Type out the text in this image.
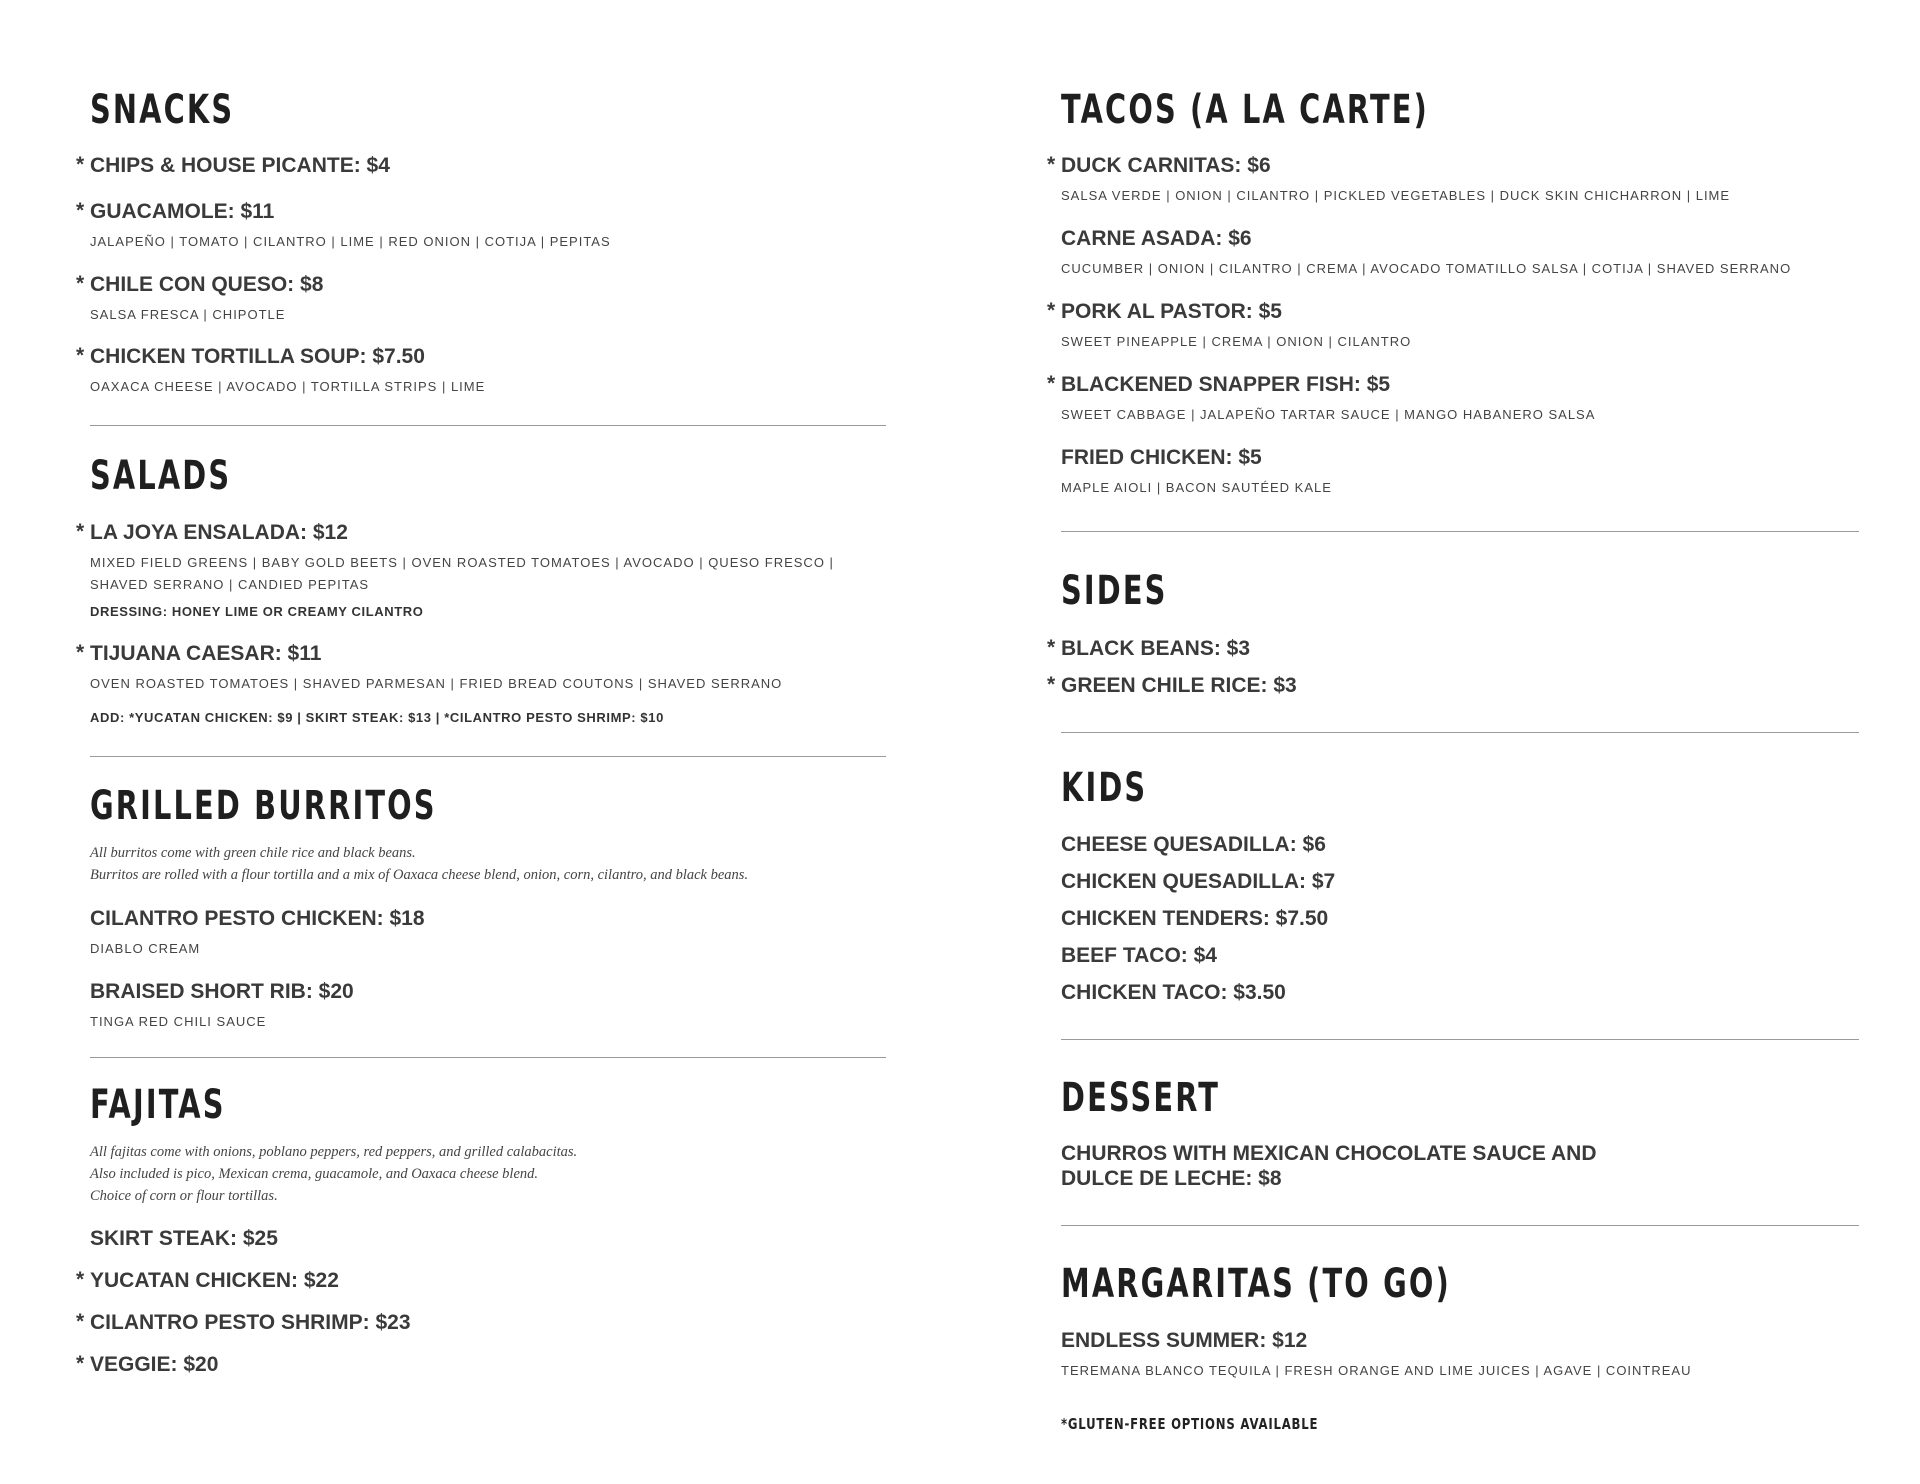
SNACKS
* CHIPS & HOUSE PICANTE: $4
* GUACAMOLE: $11

JALAPEÑO | TOMATO | CILANTRO | LIME | RED ONION | COTIJA | PEPITAS

* CHILE CON QUESO: $8

SALSA FRESCA | CHIPOTLE

* CHICKEN TORTILLA SOUP: $7.50

OAXACA CHEESE | AVOCADO | TORTILLA STRIPS | LIME

SALADS
* LA JOYA ENSALADA: $12

MIXED FIELD GREENS | BABY GOLD BEETS | OVEN ROASTED TOMATOES | AVOCADO | QUESO FRESCO |

SHAVED SERRANO | CANDIED PEPITAS

DRESSING: HONEY LIME OR CREAMY CILANTRO

* TIJUANA CAESAR: $11

OVEN ROASTED TOMATOES | SHAVED PARMESAN | FRIED BREAD COUTONS | SHAVED SERRANO

ADD: *YUCATAN CHICKEN: $9 | SKIRT STEAK: $13 | *CILANTRO PESTO SHRIMP: $10

GRILLED BURRITOS

All burritos come with green chile rice and black beans.

Burritos are rolled with a flour tortilla and a mix of Oaxaca cheese blend, onion, corn, cilantro, and black beans.

CILANTRO PESTO CHICKEN: $18

DIABLO CREAM

BRAISED SHORT RIB: $20

TINGA RED CHILI SAUCE

FAJITAS

All fajitas come with onions, poblano peppers, red peppers, and grilled calabacitas.

Also included is pico, Mexican crema, guacamole, and Oaxaca cheese blend.

Choice of corn or flour tortillas.

SKIRT STEAK: $25
* YUCATAN CHICKEN: $22
* CILANTRO PESTO SHRIMP: $23
* VEGGIE: $20
TACOS (A LA CARTE)
* DUCK CARNITAS: $6

SALSA VERDE | ONION | CILANTRO | PICKLED VEGETABLES | DUCK SKIN CHICHARRON | LIME

CARNE ASADA: $6

CUCUMBER | ONION | CILANTRO | CREMA | AVOCADO TOMATILLO SALSA | COTIJA | SHAVED SERRANO

* PORK AL PASTOR: $5

SWEET PINEAPPLE | CREMA | ONION | CILANTRO

* BLACKENED SNAPPER FISH: $5

SWEET CABBAGE | JALAPEÑO TARTAR SAUCE | MANGO HABANERO SALSA

FRIED CHICKEN: $5

MAPLE AIOLI | BACON SAUTÉED KALE

SIDES
* BLACK BEANS: $3
* GREEN CHILE RICE: $3
KIDS
CHEESE QUESADILLA: $6
CHICKEN QUESADILLA: $7
CHICKEN TENDERS: $7.50
BEEF TACO: $4
CHICKEN TACO: $3.50
DESSERT
CHURROS WITH MEXICAN CHOCOLATE SAUCE AND
DULCE DE LECHE: $8
MARGARITAS (TO GO)
ENDLESS SUMMER: $12

TEREMANA BLANCO TEQUILA | FRESH ORANGE AND LIME JUICES | AGAVE | COINTREAU

*GLUTEN-FREE OPTIONS AVAILABLE
